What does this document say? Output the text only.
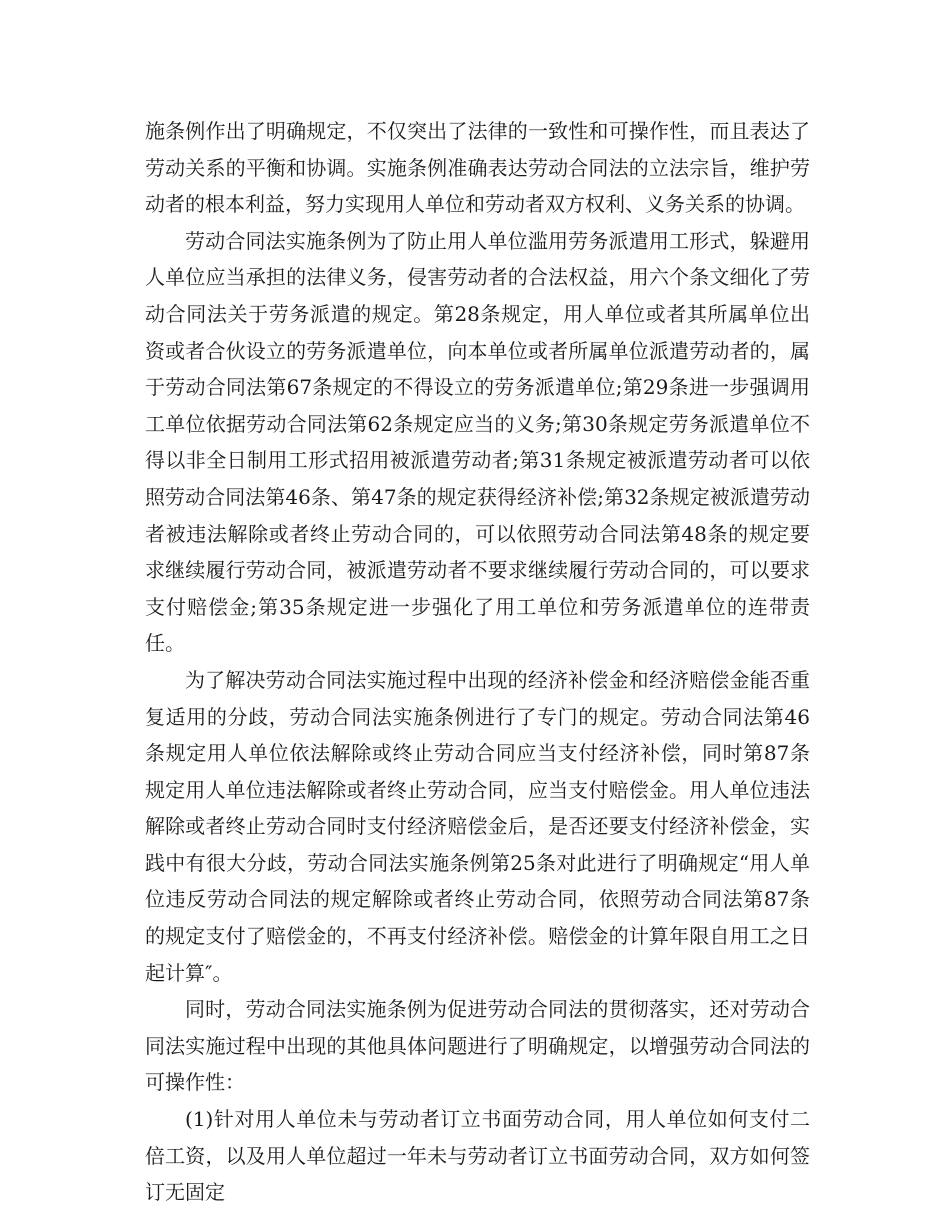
施条例作出了明确规定，不仅突出了法律的一致性和可操作性，而且表达了劳动关系的平衡和协调。实施条例准确表达劳动合同法的立法宗旨，维护劳动者的根本利益，努力实现用人单位和劳动者双方权利、义务关系的协调。

劳动合同法实施条例为了防止用人单位滥用劳务派遣用工形式，躲避用人单位应当承担的法律义务，侵害劳动者的合法权益，用六个条文细化了劳动合同法关于劳务派遣的规定。第28条规定，用人单位或者其所属单位出资或者合伙设立的劳务派遣单位，向本单位或者所属单位派遣劳动者的，属于劳动合同法第67条规定的不得设立的劳务派遣单位;第29条进一步强调用工单位依据劳动合同法第62条规定应当的义务;第30条规定劳务派遣单位不得以非全日制用工形式招用被派遣劳动者;第31条规定被派遣劳动者可以依照劳动合同法第46条、第47条的规定获得经济补偿;第32条规定被派遣劳动者被违法解除或者终止劳动合同的，可以依照劳动合同法第48条的规定要求继续履行劳动合同，被派遣劳动者不要求继续履行劳动合同的，可以要求支付赔偿金;第35条规定进一步强化了用工单位和劳务派遣单位的连带责任。

为了解决劳动合同法实施过程中出现的经济补偿金和经济赔偿金能否重复适用的分歧，劳动合同法实施条例进行了专门的规定。劳动合同法第46条规定用人单位依法解除或终止劳动合同应当支付经济补偿，同时第87条规定用人单位违法解除或者终止劳动合同，应当支付赔偿金。用人单位违法解除或者终止劳动合同时支付经济赔偿金后，是否还要支付经济补偿金，实践中有很大分歧，劳动合同法实施条例第25条对此进行了明确规定“用人单位违反劳动合同法的规定解除或者终止劳动合同，依照劳动合同法第87条的规定支付了赔偿金的，不再支付经济补偿。赔偿金的计算年限自用工之日起计算″。

同时，劳动合同法实施条例为促进劳动合同法的贯彻落实，还对劳动合同法实施过程中出现的其他具体问题进行了明确规定，以增强劳动合同法的可操作性：

(1)针对用人单位未与劳动者订立书面劳动合同，用人单位如何支付二倍工资，以及用人单位超过一年未与劳动者订立书面劳动合同，双方如何签订无固定
